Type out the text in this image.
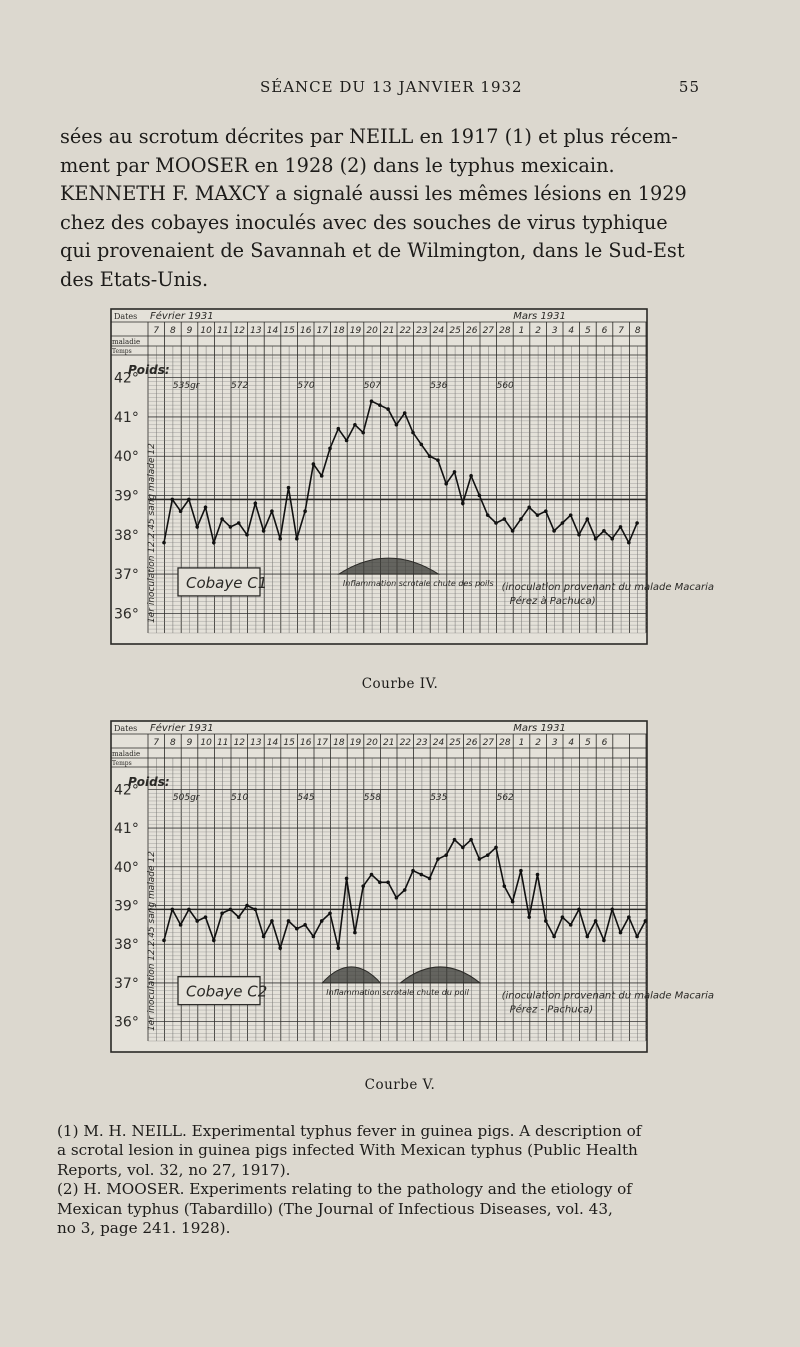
SÉANCE DU 13 JANVIER 1932	55
sées au scrotum décrites par NEILL en 1917 (1) et plus récem-
ment par MOOSER en 1928 (2) dans le typhus mexicain.
KENNETH F. MAXCY a signalé aussi les mêmes lésions en 1929
chez des cobayes inoculés avec des souches de virus typhique
qui provenaient de Savannah et de Wilmington, dans le Sud-Est
des Etats-Unis.
Dates Février 1931	Mars 1931
7 8 9 10 11 12 13 14 15 16 17 18 19 20 21 22 23 24 25 26 27 28 1 2 3 4 5 6 7 8
maladie
Temps
42°
41°
40°
39°
38°
37°
36°
Poids:
535gr	572	570	507	536	560
1er inoculation 12.2.45 sang malade 12 Cobaye C1	Inflammation scrotale chute des poils (inoculation provenant du malade Macaria
Pérez à Pachuca)
Courbe IV.
Dates Février 1931	Mars 1931
7 8 9 10 11 12 13 14 15 16 17 18 19 20 21 22 23 24 25 26 27 28 1 2 3 4 5 6
maladie
Temps
42°
41°
40°
39°
38°
37°
36°
Poids:
505gr	510	545	558	535	562
1er inoculation 12.2.45 sang malade 12 Cobaye C2	Inflammation scrotale chute du poil	(inoculation provenant du malade Macaria
Pérez - Pachuca)
Courbe V.
(1) M. H. NEILL. Experimental typhus fever in guinea pigs. A description of
a scrotal lesion in guinea pigs infected With Mexican typhus (Public Health
Reports, vol. 32, no 27, 1917).
(2) H. MOOSER. Experiments relating to the pathology and the etiology of
Mexican typhus (Tabardillo) (The Journal of Infectious Diseases, vol. 43,
no 3, page 241. 1928).
